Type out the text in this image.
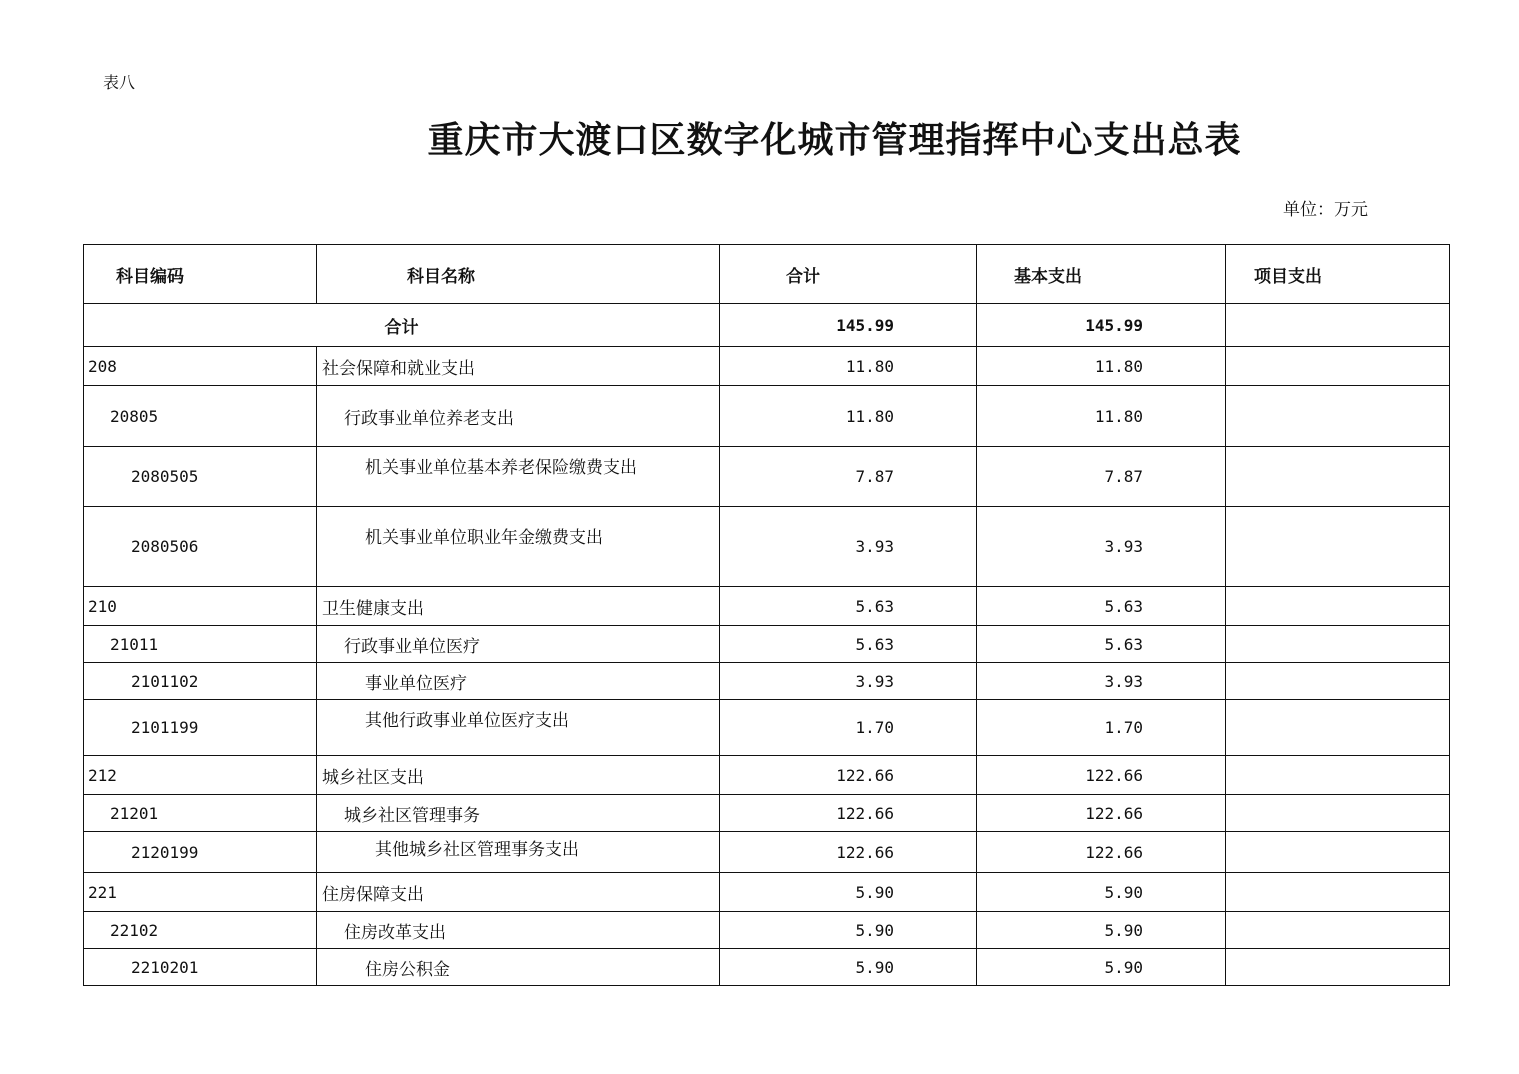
表八
重庆市大渡口区数字化城市管理指挥中心支出总表
单位：万元
科目编码	科目名称	合计	基本支出	项目支出
合计		145.99	145.99	
208	社会保障和就业支出	11.80	11.80	
20805	行政事业单位养老支出	11.80	11.80	
2080505	机关事业单位基本养老保险缴费支出	7.87	7.87	
2080506	机关事业单位职业年金缴费支出	3.93	3.93	
210	卫生健康支出	5.63	5.63	
21011	行政事业单位医疗	5.63	5.63	
2101102	事业单位医疗	3.93	3.93	
2101199	其他行政事业单位医疗支出	1.70	1.70	
212	城乡社区支出	122.66	122.66	
21201	城乡社区管理事务	122.66	122.66	
2120199	其他城乡社区管理事务支出	122.66	122.66	
221	住房保障支出	5.90	5.90	
22102	住房改革支出	5.90	5.90	
2210201	住房公积金	5.90	5.90	
